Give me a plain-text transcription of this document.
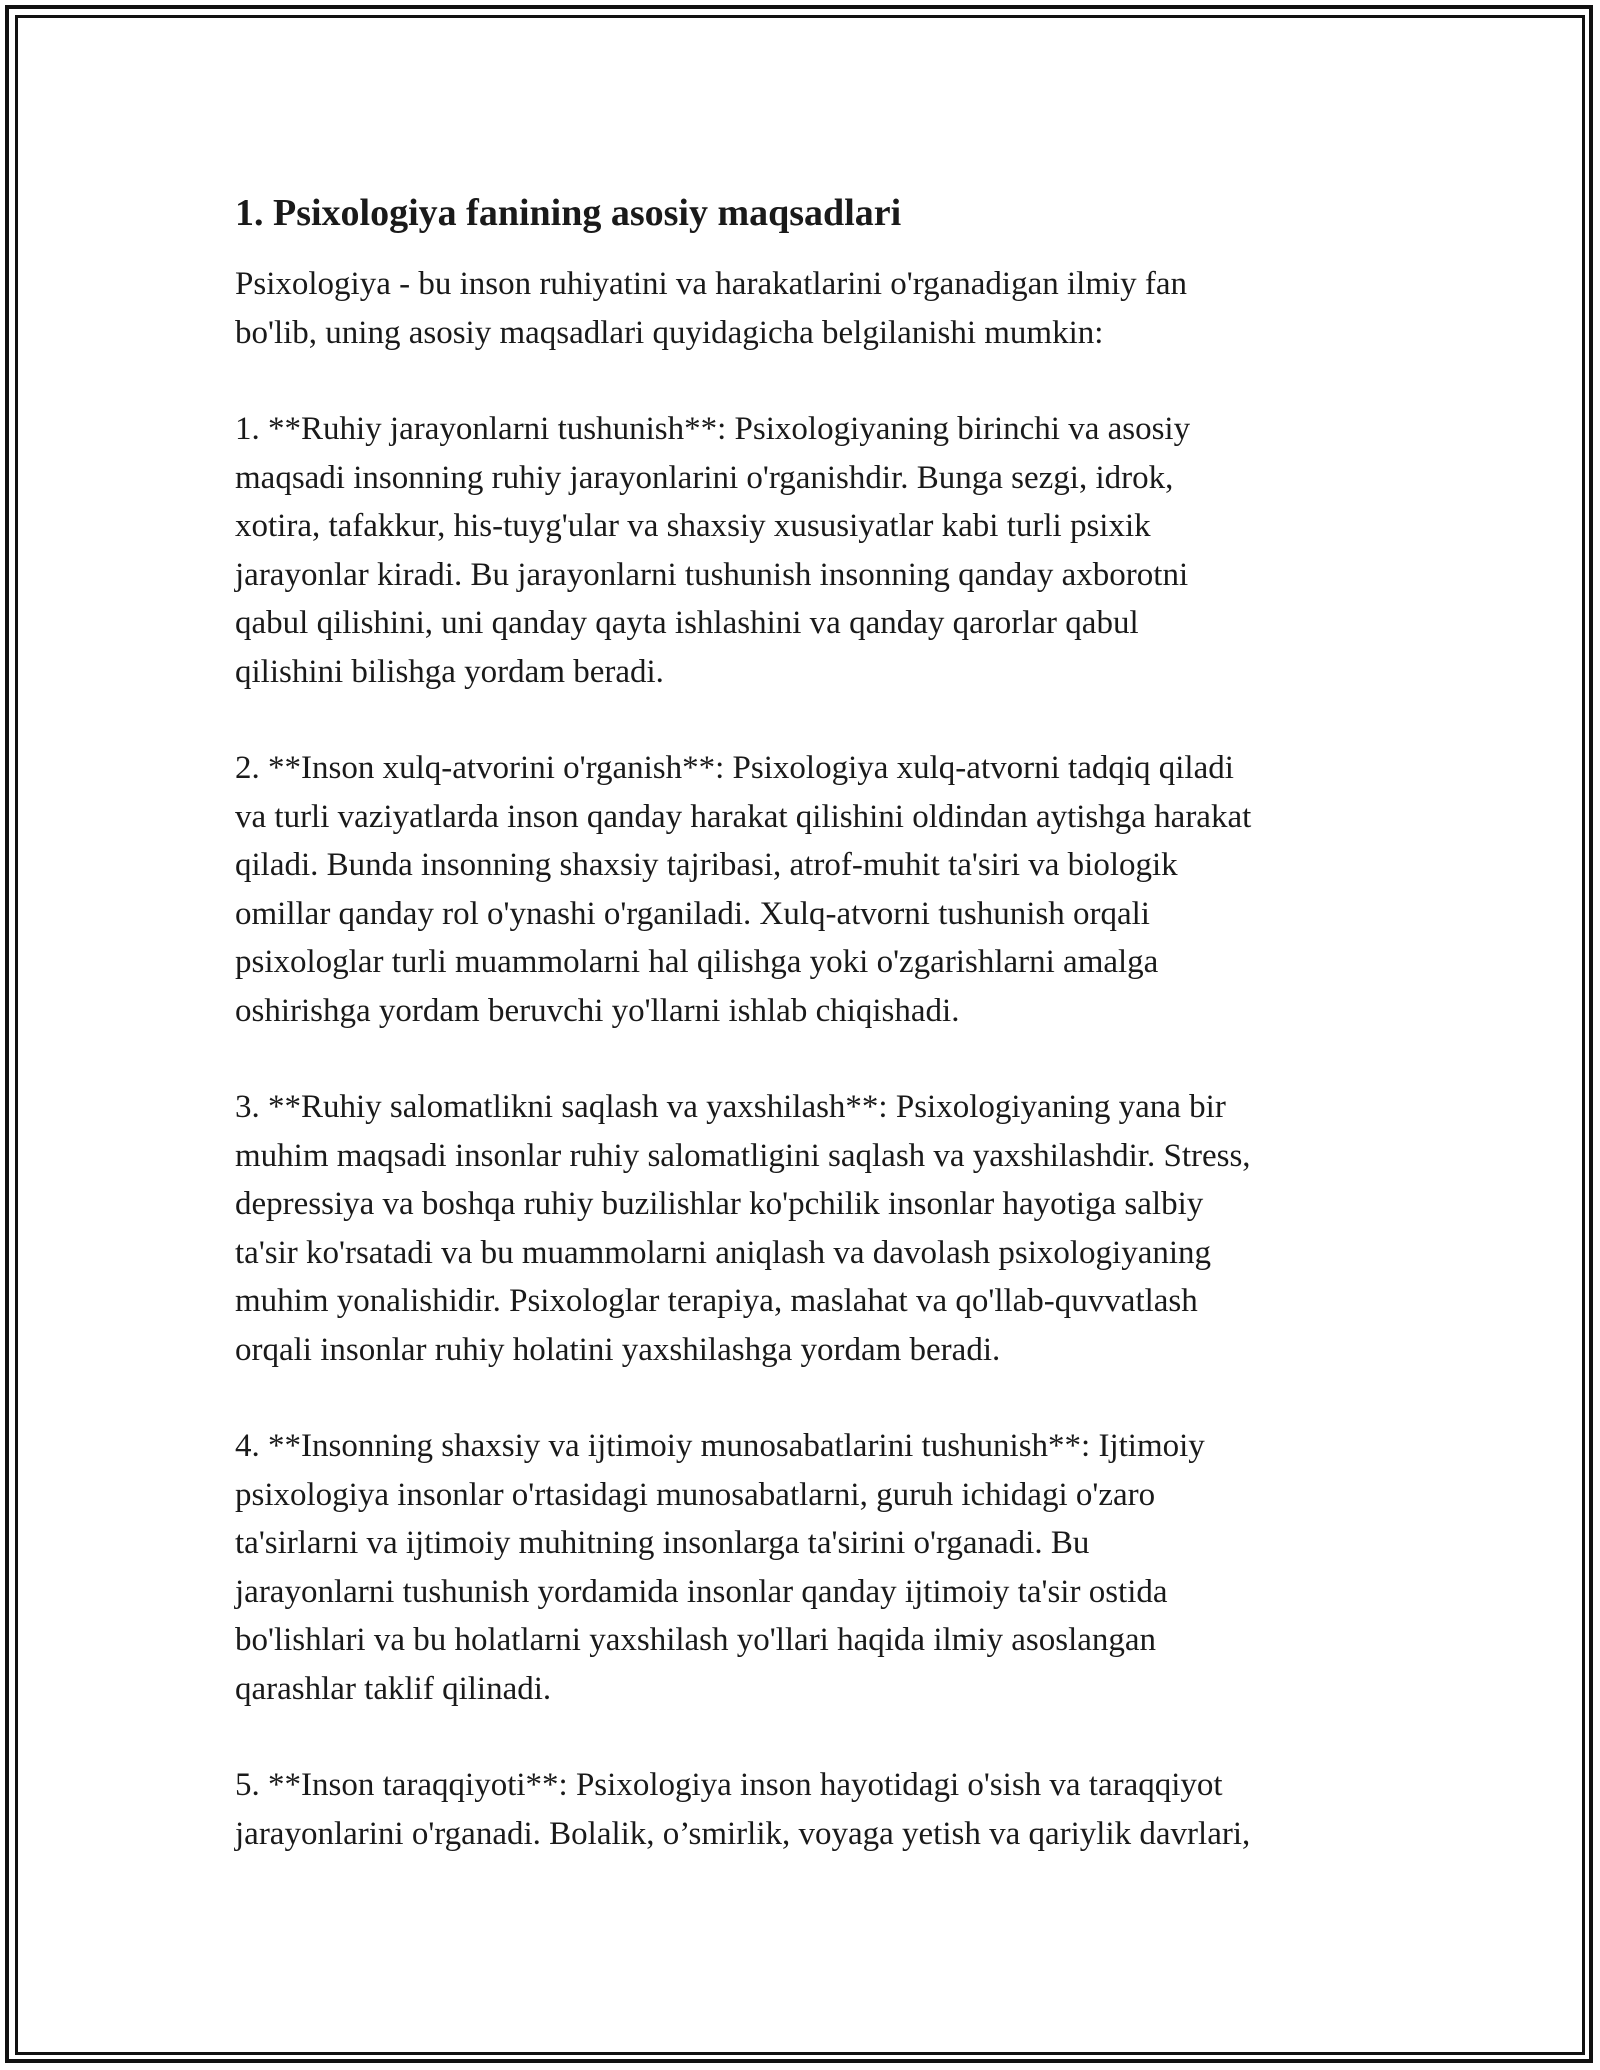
1. Psixologiya fanining asosiy maqsadlari
Psixologiya - bu inson ruhiyatini va harakatlarini o'rganadigan ilmiy fan
bo'lib, uning asosiy maqsadlari quyidagicha belgilanishi mumkin:
1. **Ruhiy jarayonlarni tushunish**: Psixologiyaning birinchi va asosiy
maqsadi insonning ruhiy jarayonlarini o'rganishdir. Bunga sezgi, idrok,
xotira, tafakkur, his-tuyg'ular va shaxsiy xususiyatlar kabi turli psixik
jarayonlar kiradi. Bu jarayonlarni tushunish insonning qanday axborotni
qabul qilishini, uni qanday qayta ishlashini va qanday qarorlar qabul
qilishini bilishga yordam beradi.
2. **Inson xulq-atvorini o'rganish**: Psixologiya xulq-atvorni tadqiq qiladi
va turli vaziyatlarda inson qanday harakat qilishini oldindan aytishga harakat
qiladi. Bunda insonning shaxsiy tajribasi, atrof-muhit ta'siri va biologik
omillar qanday rol o'ynashi o'rganiladi. Xulq-atvorni tushunish orqali
psixologlar turli muammolarni hal qilishga yoki o'zgarishlarni amalga
oshirishga yordam beruvchi yo'llarni ishlab chiqishadi.
3. **Ruhiy salomatlikni saqlash va yaxshilash**: Psixologiyaning yana bir
muhim maqsadi insonlar ruhiy salomatligini saqlash va yaxshilashdir. Stress,
depressiya va boshqa ruhiy buzilishlar ko'pchilik insonlar hayotiga salbiy
ta'sir ko'rsatadi va bu muammolarni aniqlash va davolash psixologiyaning
muhim yonalishidir. Psixologlar terapiya, maslahat va qo'llab-quvvatlash
orqali insonlar ruhiy holatini yaxshilashga yordam beradi.
4. **Insonning shaxsiy va ijtimoiy munosabatlarini tushunish**: Ijtimoiy
psixologiya insonlar o'rtasidagi munosabatlarni, guruh ichidagi o'zaro
ta'sirlarni va ijtimoiy muhitning insonlarga ta'sirini o'rganadi. Bu
jarayonlarni tushunish yordamida insonlar qanday ijtimoiy ta'sir ostida
bo'lishlari va bu holatlarni yaxshilash yo'llari haqida ilmiy asoslangan
qarashlar taklif qilinadi.
5. **Inson taraqqiyoti**: Psixologiya inson hayotidagi o'sish va taraqqiyot
jarayonlarini o'rganadi. Bolalik, o’smirlik, voyaga yetish va qariylik davrlari,
